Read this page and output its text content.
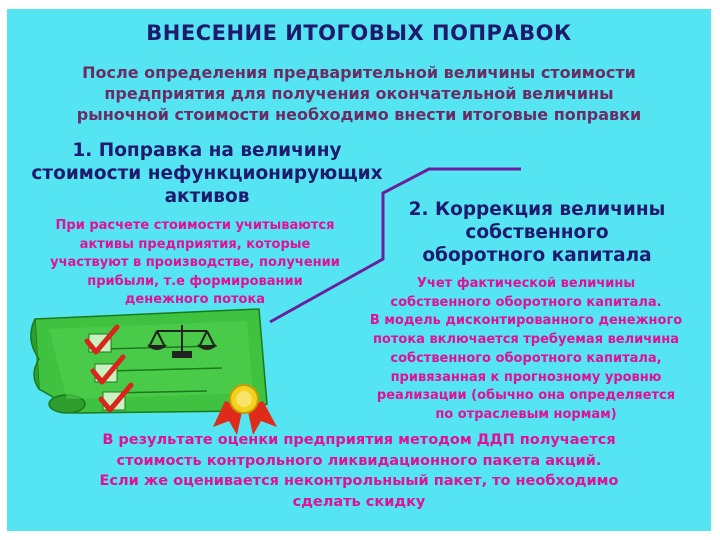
ВНЕСЕНИЕ ИТОГОВЫХ ПОПРАВОК

После определения предварительной величины стоимости
предприятия для получения окончательной величины
рыночной стоимости необходимо внести итоговые поправки

1. Поправка на величину
стоимости нефункционирующих
активов

При расчете стоимости учитываются
активы предприятия, которые
участвуют в производстве, получении
прибыли, т.е формировании
денежного потока

2. Коррекция величины
собственного
оборотного капитала

Учет фактической величины
собственного оборотного капитала.
В модель дисконтированного денежного
потока включается требуемая величина
собственного оборотного капитала,
привязанная к прогнозному уровню
реализации (обычно она определяется
по отраслевым нормам)

В результате оценки предприятия методом ДДП получается
стоимость контрольного ликвидационного пакета акций.
Если же оценивается неконтрольныый пакет, то необходимо
сделать скидку
